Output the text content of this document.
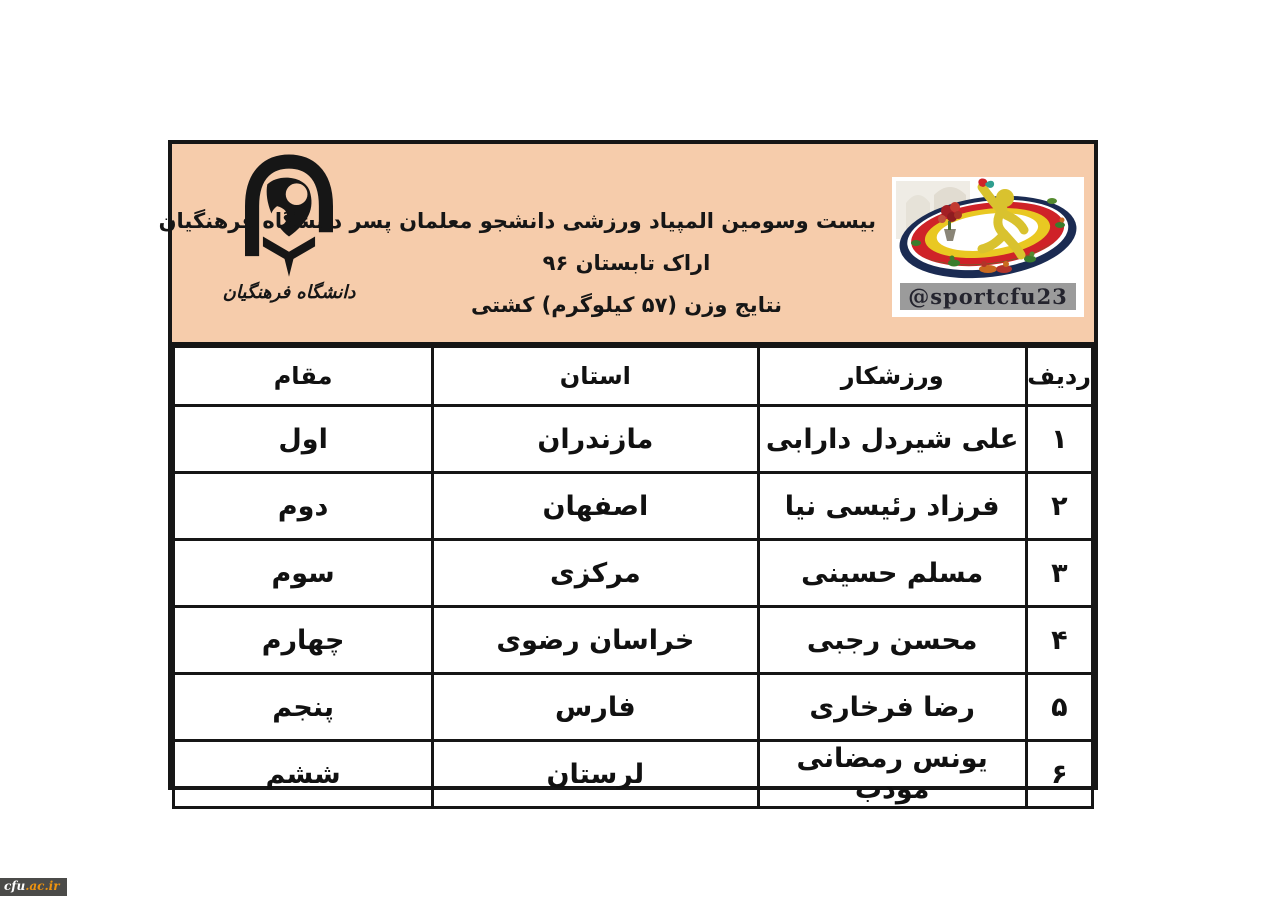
دانشگاه فرهنگیان
بیست وسومین المپیاد ورزشی دانشجو معلمان پسر دانشگاه فرهنگیان
اراک تابستان ۹۶
نتایج وزن (۵۷ کیلوگرم) کشتی	@sportcfu23
ردیف	ورزشکار	استان	مقام
۱	علی شیردل دارابی	مازندران	اول
۲	فرزاد رئیسی نیا	اصفهان	دوم
۳	مسلم حسینی	مرکزی	سوم
۴	محسن رجبی	خراسان رضوی	چهارم
۵	رضا فرخاری	فارس	پنجم
۶	یونس رمضانی مودب	لرستان	ششم
cfu.ac.ir
